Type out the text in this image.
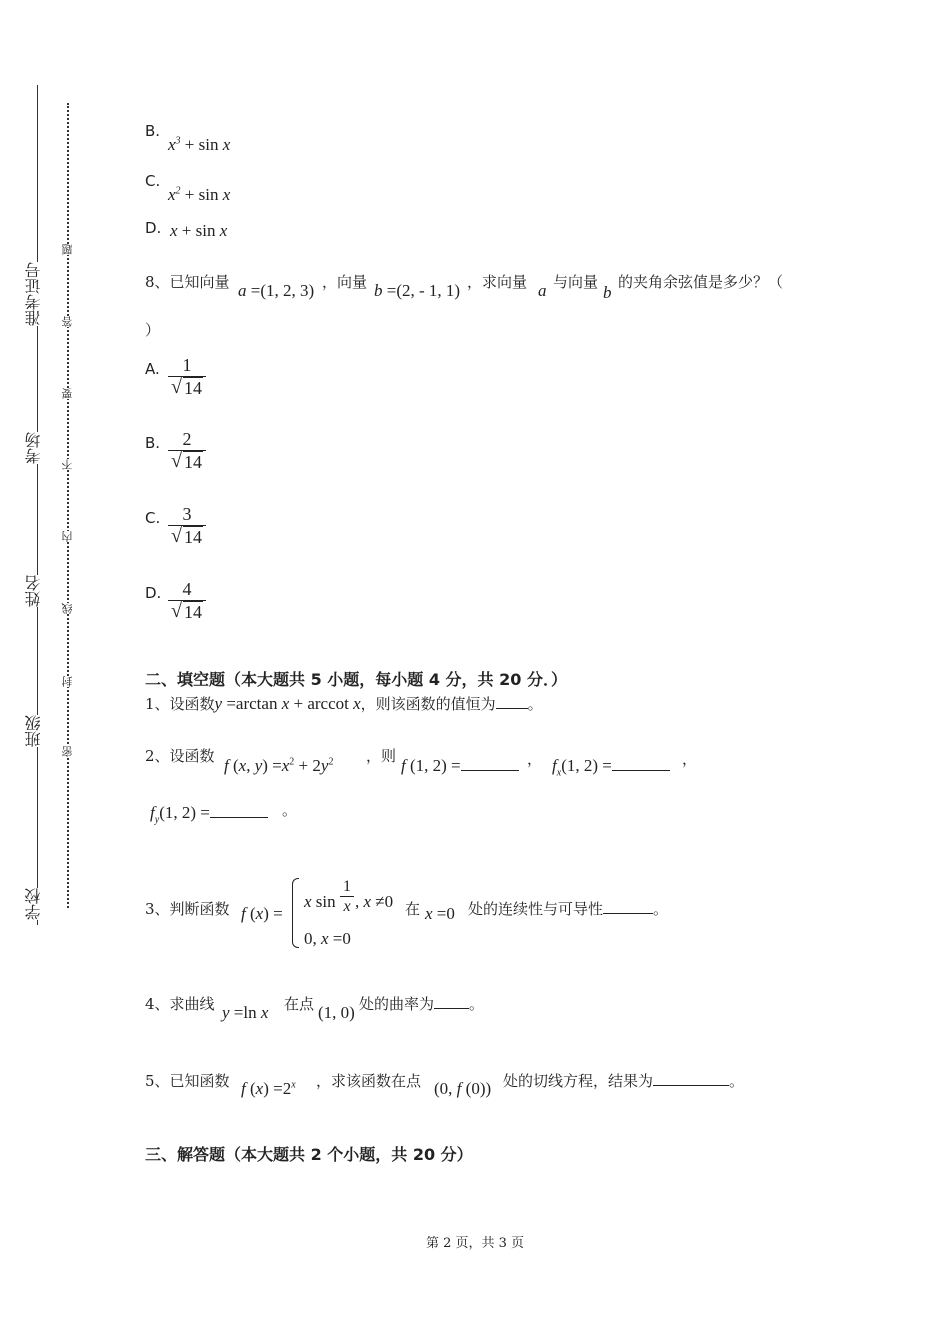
学校
班级
姓名
考场
准考证号
密
封
线
内
不
要
答
题
B.
$x^3 + \sin x$
C.
$x^2 + \sin x$
D. x + sin x
8、已知向量 a =(1, 2, 3) ，向量 b =(2, - 1, 1) ，求向量 a 与向量
b
的夹角余弦值是多少？（
）
A. $\frac{1}{√ 14}$
B. $\frac{2}{√ 14}$
C. $\frac{3}{√ 14}$
D. $\frac{4}{√ 14}$
二、填空题（本大题共 5 小题，每小题 4 分，共 20 分．）
1、设函数y =arctan x + arccot x，则该函数的值恒为 。
2、设函数 f (x, $y) =x^2 + 2y^2$ ，则 f (1, 2) =	， $f_x(1$, 2) =	，
$f_y(1$, 2) =	。
3、判断函数 f (x) =
x $\sin \frac{1}{x}$ , x ≠0
0, x =0
在 x =0 处的连续性与可导性	。
4、求曲线 y =ln x 在点 (1, 0) 处的曲率为 。
5、已知函数 f $(x) =2^x$ ，求该函数在点 (0, f (0)) 处的切线方程，结果为	。
三、解答题（本大题共 2 个小题，共 20 分）
第 2 页，共 3 页
